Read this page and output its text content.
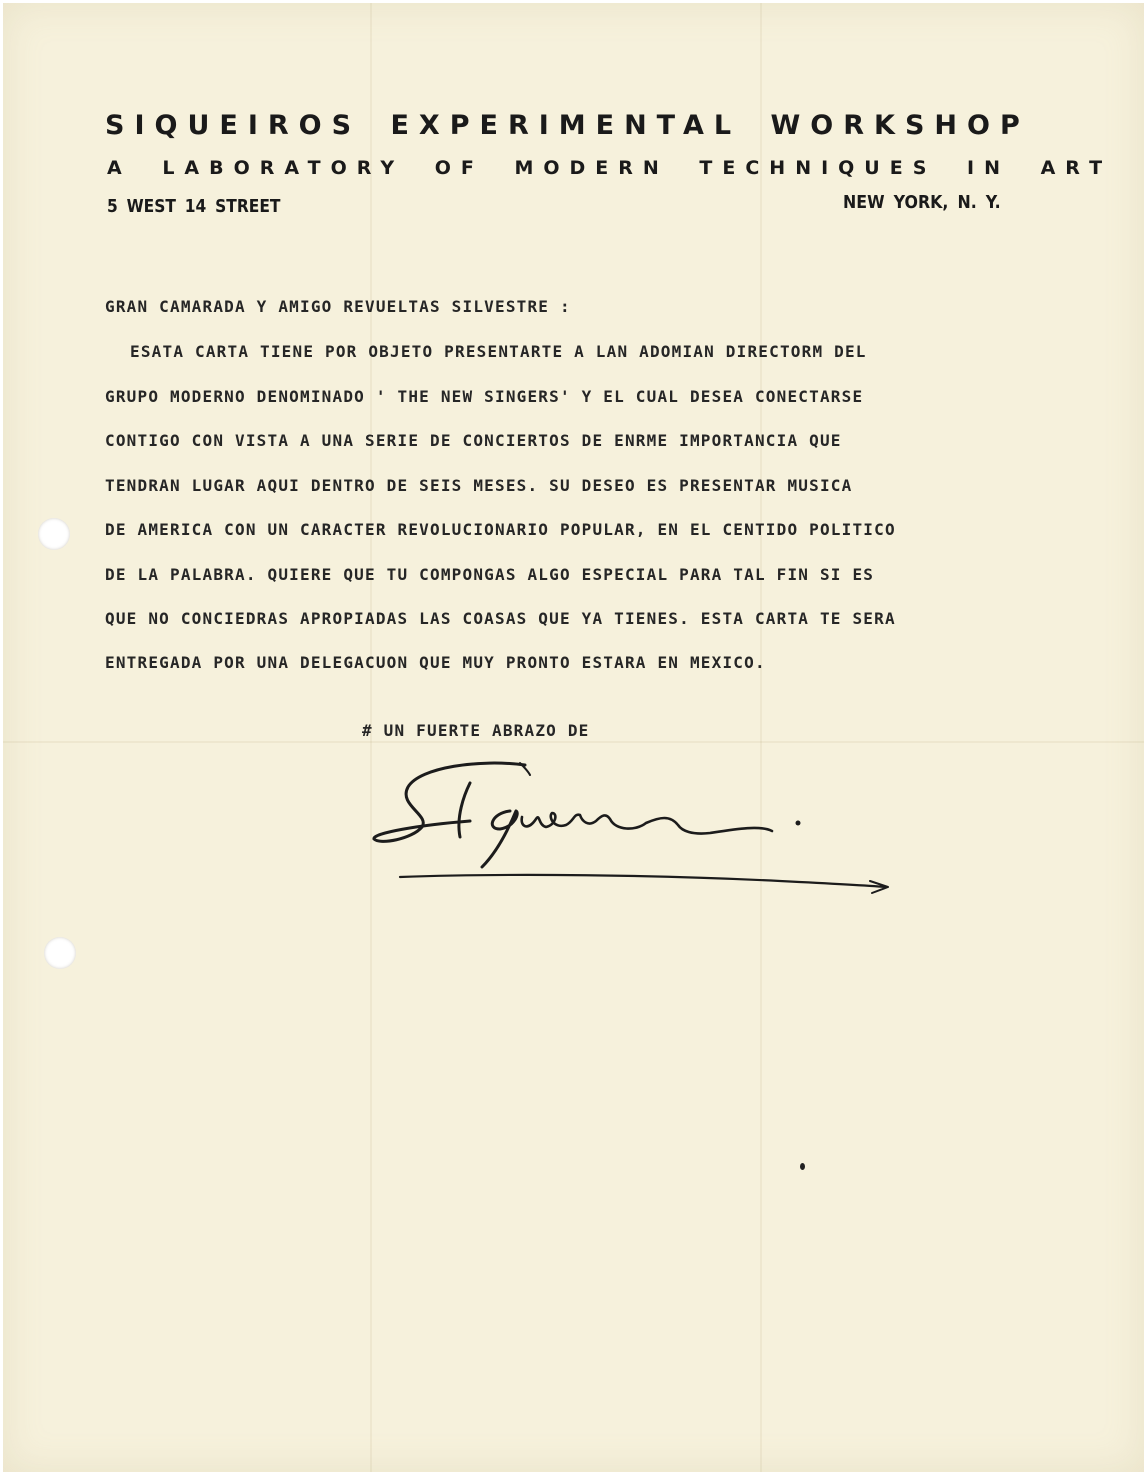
SIQUEIROS EXPERIMENTAL WORKSHOP
A LABORATORY OF MODERN TECHNIQUES IN ART
5 WEST 14 STREET	NEW YORK, N. Y.

GRAN CAMARADA Y AMIGO REVUELTAS SILVESTRE :

ESATA CARTA TIENE POR OBJETO PRESENTARTE A LAN ADOMIAN DIRECTORM DEL

GRUPO MODERNO DENOMINADO ' THE NEW SINGERS' Y EL CUAL DESEA CONECTARSE

CONTIGO CON VISTA A UNA SERIE DE CONCIERTOS DE ENRME IMPORTANCIA QUE

TENDRAN LUGAR AQUI DENTRO DE SEIS MESES. SU DESEO ES PRESENTAR MUSICA

DE AMERICA CON UN CARACTER REVOLUCIONARIO POPULAR, EN EL CENTIDO POLITICO

DE LA PALABRA. QUIERE QUE TU COMPONGAS ALGO ESPECIAL PARA TAL FIN SI ES

QUE NO CONCIEDRAS APROPIADAS LAS COASAS QUE YA TIENES. ESTA CARTA TE SERA

ENTREGADA POR UNA DELEGACUON QUE MUY PRONTO ESTARA EN MEXICO.

# UN FUERTE ABRAZO DE
